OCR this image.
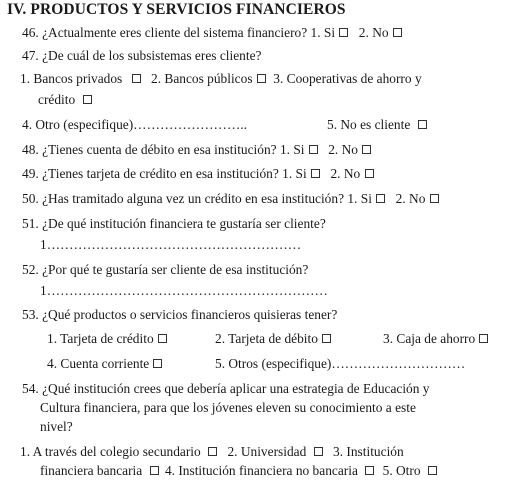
IV. PRODUCTOS Y SERVICIOS FINANCIEROS
46. ¿Actualmente eres cliente del sistema financiero? 1. Si 2. No
47. ¿De cuál de los subsistemas eres cliente?
1. Bancos privados 2. Bancos públicos 3. Cooperativas de ahorro y
crédito
4. Otro (especifique)……………………..	5. No es cliente
48. ¿Tienes cuenta de débito en esa institución? 1. Si 2. No
49. ¿Tienes tarjeta de crédito en esa institución? 1. Si 2. No
50. ¿Has tramitado alguna vez un crédito en esa institución? 1. Si 2. No
51. ¿De qué institución financiera te gustaría ser cliente?
1…………………………………………………
52. ¿Por qué te gustaría ser cliente de esa institución?
1………………………………………………………
53. ¿Qué productos o servicios financieros quisieras tener?
1. Tarjeta de crédito	2. Tarjeta de débito	3. Caja de ahorro
4. Cuenta corriente	5. Otros (especifique)…………………………
54. ¿Qué institución crees que debería aplicar una estrategia de Educación y
Cultura financiera, para que los jóvenes eleven su conocimiento a este
nivel?
1. A través del colegio secundario 2. Universidad 3. Institución
financiera bancaria 4. Institución financiera no bancaria 5. Otro
